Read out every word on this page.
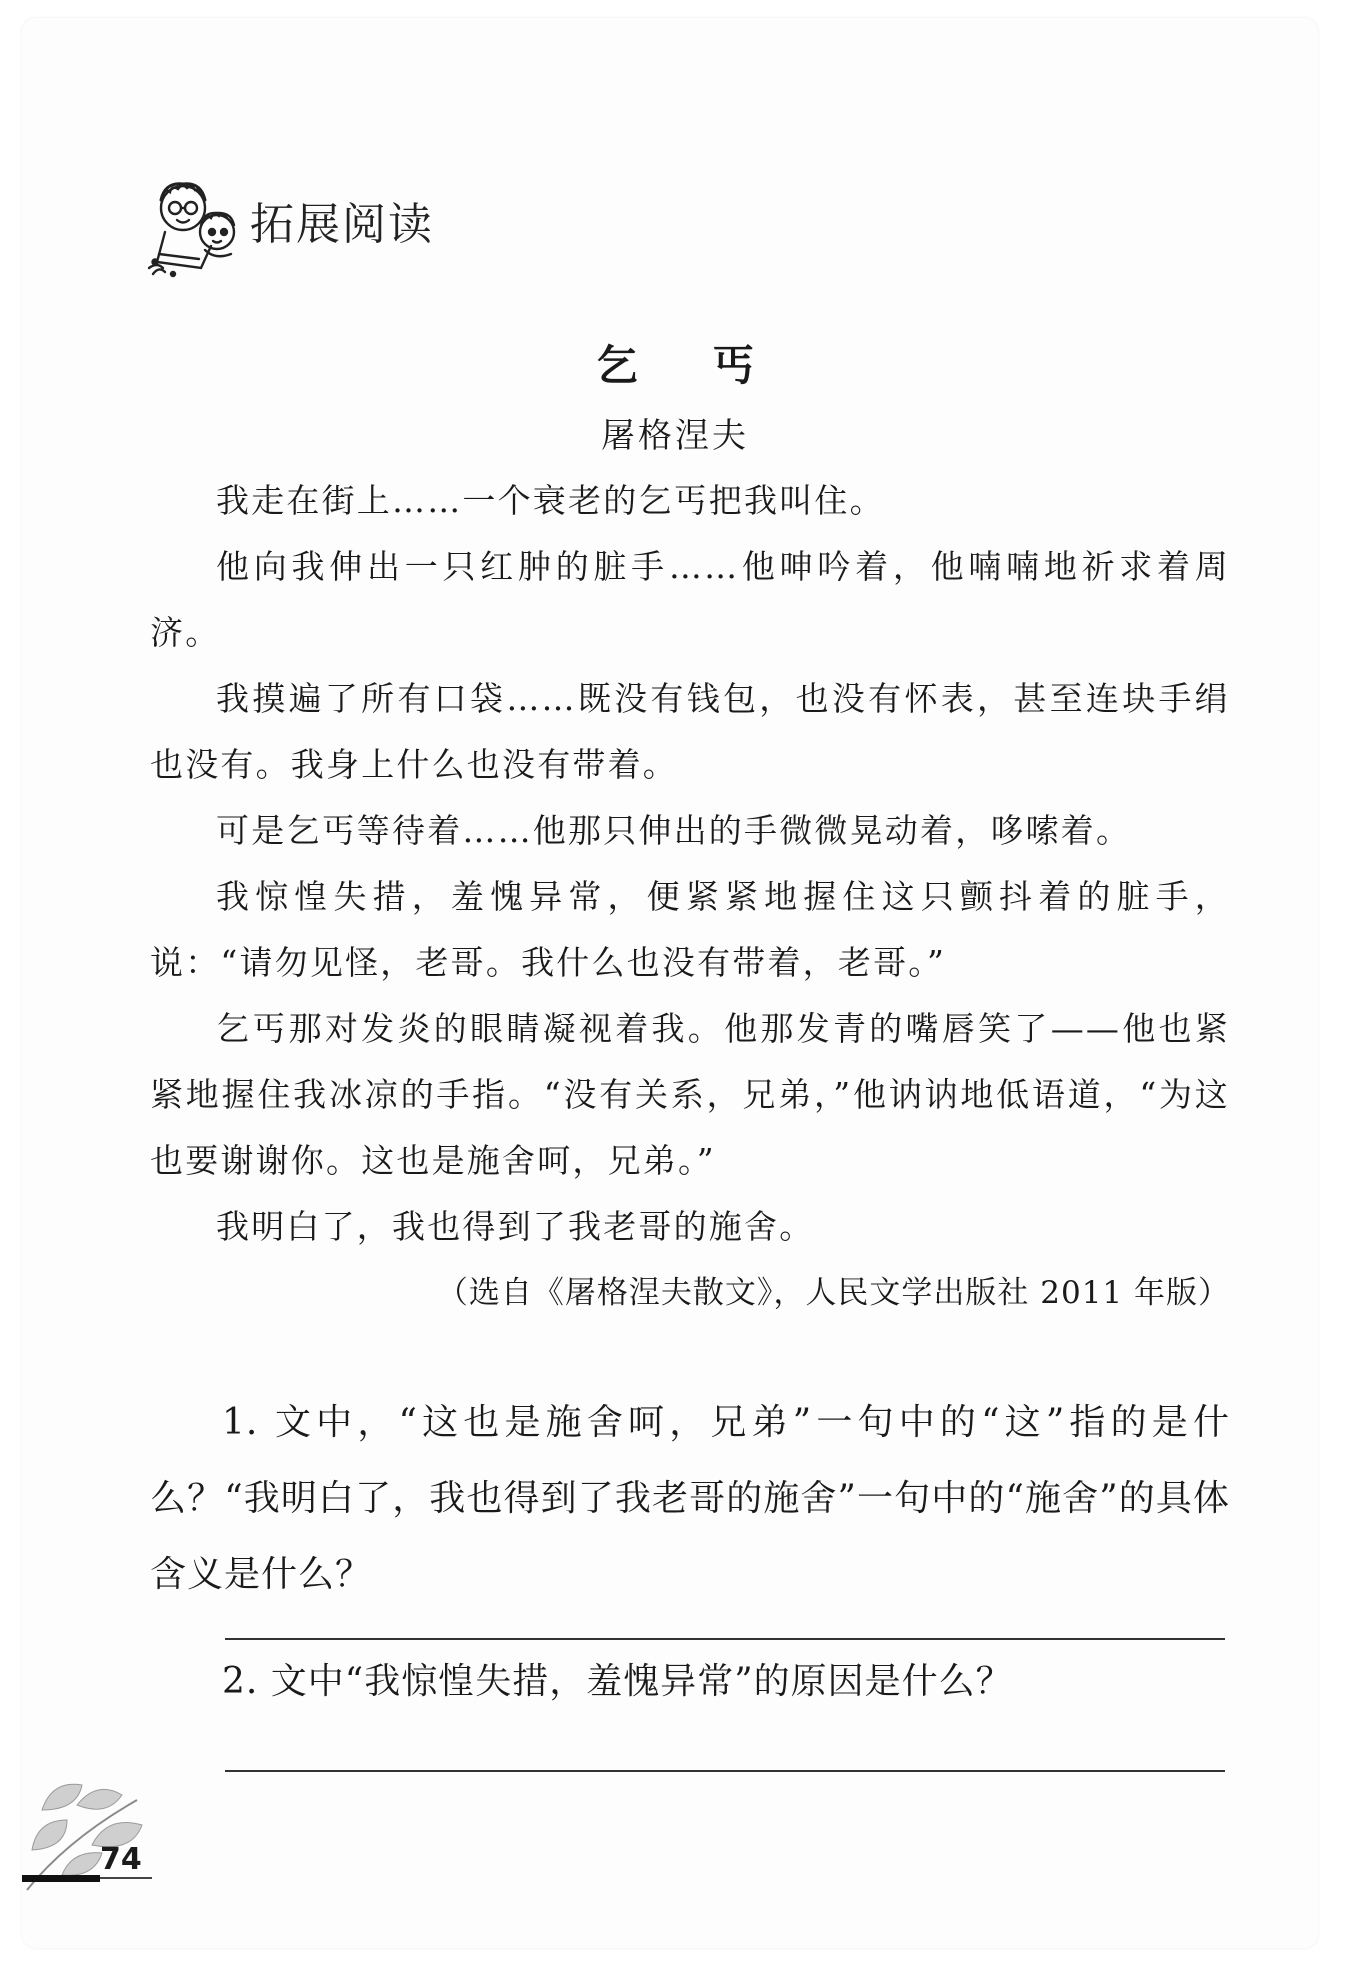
拓展阅读
乞 丐
屠格涅夫

我走在街上……一个衰老的乞丐把我叫住。

他向我伸出一只红肿的脏手……他呻吟着，他喃喃地祈求着周济。

我摸遍了所有口袋……既没有钱包，也没有怀表，甚至连块手绢也没有。我身上什么也没有带着。

可是乞丐等待着……他那只伸出的手微微晃动着，哆嗦着。

我惊惶失措，羞愧异常，便紧紧地握住这只颤抖着的脏手，说：“请勿见怪，老哥。我什么也没有带着，老哥。”

乞丐那对发炎的眼睛凝视着我。他那发青的嘴唇笑了——他也紧紧地握住我冰凉的手指。“没有关系，兄弟，”他讷讷地低语道，“为这也要谢谢你。这也是施舍呵，兄弟。”

我明白了，我也得到了我老哥的施舍。

（选自《屠格涅夫散文》，人民文学出版社 2011 年版）

1. 文中，“这也是施舍呵，兄弟”一句中的“这”指的是什么？“我明白了，我也得到了我老哥的施舍”一句中的“施舍”的具体含义是什么？

2. 文中“我惊惶失措，羞愧异常”的原因是什么？

74
